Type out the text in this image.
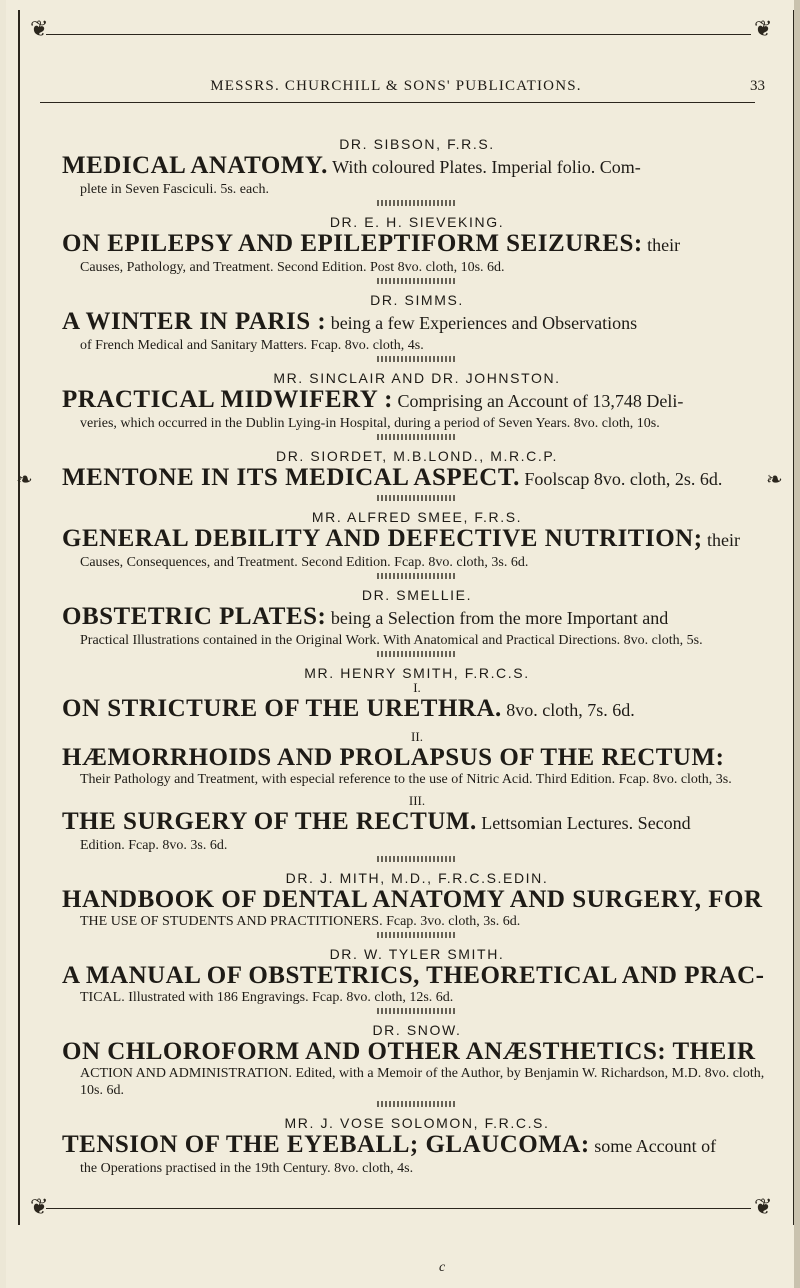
❦	❦
❦	❦
❧	❧
MESSRS. CHURCHILL & SONS' PUBLICATIONS.	33

DR. SIBSON, F.R.S.

MEDICAL ANATOMY. With coloured Plates. Imperial folio. Com-
plete in Seven Fasciculi. 5s. each.

DR. E. H. SIEVEKING.

ON EPILEPSY AND EPILEPTIFORM SEIZURES: their
Causes, Pathology, and Treatment. Second Edition. Post 8vo. cloth, 10s. 6d.

DR. SIMMS.

A WINTER IN PARIS : being a few Experiences and Observations
of French Medical and Sanitary Matters. Fcap. 8vo. cloth, 4s.

MR. SINCLAIR AND DR. JOHNSTON.

PRACTICAL MIDWIFERY : Comprising an Account of 13,748 Deli-
veries, which occurred in the Dublin Lying-in Hospital, during a period of Seven Years. 8vo. cloth, 10s.

DR. SIORDET, M.B.LOND., M.R.C.P.

MENTONE IN ITS MEDICAL ASPECT. Foolscap 8vo. cloth, 2s. 6d.

MR. ALFRED SMEE, F.R.S.

GENERAL DEBILITY AND DEFECTIVE NUTRITION; their
Causes, Consequences, and Treatment. Second Edition. Fcap. 8vo. cloth, 3s. 6d.

DR. SMELLIE.

OBSTETRIC PLATES: being a Selection from the more Important and
Practical Illustrations contained in the Original Work. With Anatomical and Practical Directions. 8vo. cloth, 5s.

MR. HENRY SMITH, F.R.C.S.

I.

ON STRICTURE OF THE URETHRA. 8vo. cloth, 7s. 6d.

II.

HÆMORRHOIDS AND PROLAPSUS OF THE RECTUM:
Their Pathology and Treatment, with especial reference to the use of Nitric Acid. Third Edition. Fcap. 8vo. cloth, 3s.

III.

THE SURGERY OF THE RECTUM. Lettsomian Lectures. Second
Edition. Fcap. 8vo. 3s. 6d.

DR. J. MITH, M.D., F.R.C.S.EDIN.

HANDBOOK OF DENTAL ANATOMY AND SURGERY, FOR
THE USE OF STUDENTS AND PRACTITIONERS. Fcap. 3vo. cloth, 3s. 6d.

DR. W. TYLER SMITH.

A MANUAL OF OBSTETRICS, THEORETICAL AND PRAC-
TICAL. Illustrated with 186 Engravings. Fcap. 8vo. cloth, 12s. 6d.

DR. SNOW.

ON CHLOROFORM AND OTHER ANÆSTHETICS: THEIR
ACTION AND ADMINISTRATION. Edited, with a Memoir of the Author, by Benjamin W. Richardson, M.D. 8vo. cloth, 10s. 6d.

MR. J. VOSE SOLOMON, F.R.C.S.

TENSION OF THE EYEBALL; GLAUCOMA: some Account of
the Operations practised in the 19th Century. 8vo. cloth, 4s.
c
